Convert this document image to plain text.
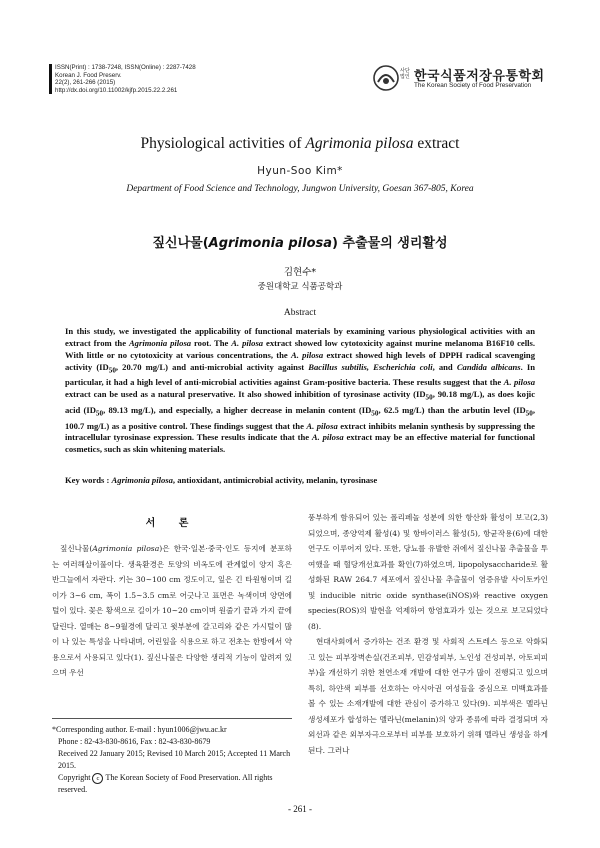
ISSN(Print) : 1738-7248, ISSN(Online) : 2287-7428
Korean J. Food Preserv.
22(2), 261-266 (2015)
http://dx.doi.org/10.11002/kjfp.2015.22.2.261
사단법인 한국식품저장유통학회
The Korean Society of Food Preservation
Physiological activities of Agrimonia pilosa extract
Hyun-Soo Kim*
Department of Food Science and Technology, Jungwon University, Goesan 367-805, Korea
짚신나물(Agrimonia pilosa) 추출물의 생리활성
김현수*
중원대학교 식품공학과
Abstract
In this study, we investigated the applicability of functional materials by examining various physiological activities with an extract from the Agrimonia pilosa root. The A. pilosa extract showed low cytotoxicity against murine melanoma B16F10 cells. With little or no cytotoxicity at various concentrations, the A. pilosa extract showed high levels of DPPH radical scavenging activity ($ID_{50}$, 20.70 mg/L) and anti-microbial activity against Bacillus subtilis, Escherichia coli, and Candida albicans. In particular, it had a high level of anti-microbial activities against Gram-positive bacteria. These results suggest that the A. pilosa extract can be used as a natural preservative. It also showed inhibition of tyrosinase activity ($ID_{50}$, 90.18 mg/L), as does kojic acid ($ID_{50}$, 89.13 mg/L), and especially, a higher decrease in melanin content ($ID_{50}$, 62.5 mg/L) than the arbutin level ($ID_{50}$, 100.7 mg/L) as a positive control. These findings suggest that the A. pilosa extract inhibits melanin synthesis by suppressing the intracellular tyrosinase expression. These results indicate that the A. pilosa extract may be an effective material for functional cosmetics, such as skin whitening materials.
Key words : Agrimonia pilosa, antioxidant, antimicrobial activity, melanin, tyrosinase
서 론

짚신나물(Agrimonia pilosa)은 한국·일본·중국·인도 등지에 분포하는 여러해살이풀이다. 생육환경은 토양의 비옥도에 관계없이 양지 혹은 반그늘에서 자란다. 키는 30~100 cm 정도이고, 잎은 긴 타원형이며 길이가 3~6 cm, 폭이 1.5~3.5 cm로 어긋나고 표면은 녹색이며 양면에 털이 있다. 꽃은 황색으로 길이가 10~20 cm이며 원줄기 끝과 가지 끝에 달린다. 열매는 8~9월경에 달리고 윗부분에 갈고리와 같은 가시털이 많이 나 있는 특성을 나타내며, 어린잎을 식용으로 하고 전초는 한방에서 약용으로서 사용되고 있다(1). 짚신나물은 다양한 생리적 기능이 알려져 있으며 우선

풍부하게 함유되어 있는 폴리페놀 성분에 의한 항산화 활성이 보고(2,3)되었으며, 종양억제 활성(4) 및 항바이러스 활성(5), 항균작용(6)에 대한 연구도 이루어져 있다. 또한, 당뇨를 유발한 쥐에서 짚신나물 추출물을 투여했을 때 혈당개선효과를 확인(7)하였으며, lipopolysaccharide로 활성화된 RAW 264.7 세포에서 짚신나물 추출물이 염증유발 사이토카인 및 inducible nitric oxide synthase(iNOS)와 reactive oxygen species(ROS)의 발현을 억제하여 항염효과가 있는 것으로 보고되었다(8).

현대사회에서 증가하는 건조 환경 및 사회적 스트레스 등으로 악화되고 있는 피부장벽손실(건조피부, 민감성피부, 노인성 건성피부, 아토피피부)을 개선하기 위한 천연소재 개발에 대한 연구가 많이 진행되고 있으며 특히, 하얀색 피부를 선호하는 아시아권 여성들을 중심으로 미백효과를 볼 수 있는 소재개발에 대한 관심이 증가하고 있다(9). 피부색은 멜라닌 생성세포가 합성하는 멜라닌(melanin)의 양과 종류에 따라 결정되며 자외선과 같은 외부자극으로부터 피부를 보호하기 위해 멜라닌 생성을 하게 된다. 그러나

*Corresponding author. E-mail : hyun1006@jwu.ac.kr
Phone : 82-43-830-8616, Fax : 82-43-830-8679
Received 22 January 2015; Revised 10 March 2015; Accepted 11 March 2015.
Copyright c The Korean Society of Food Preservation. All rights reserved.
- 261 -
